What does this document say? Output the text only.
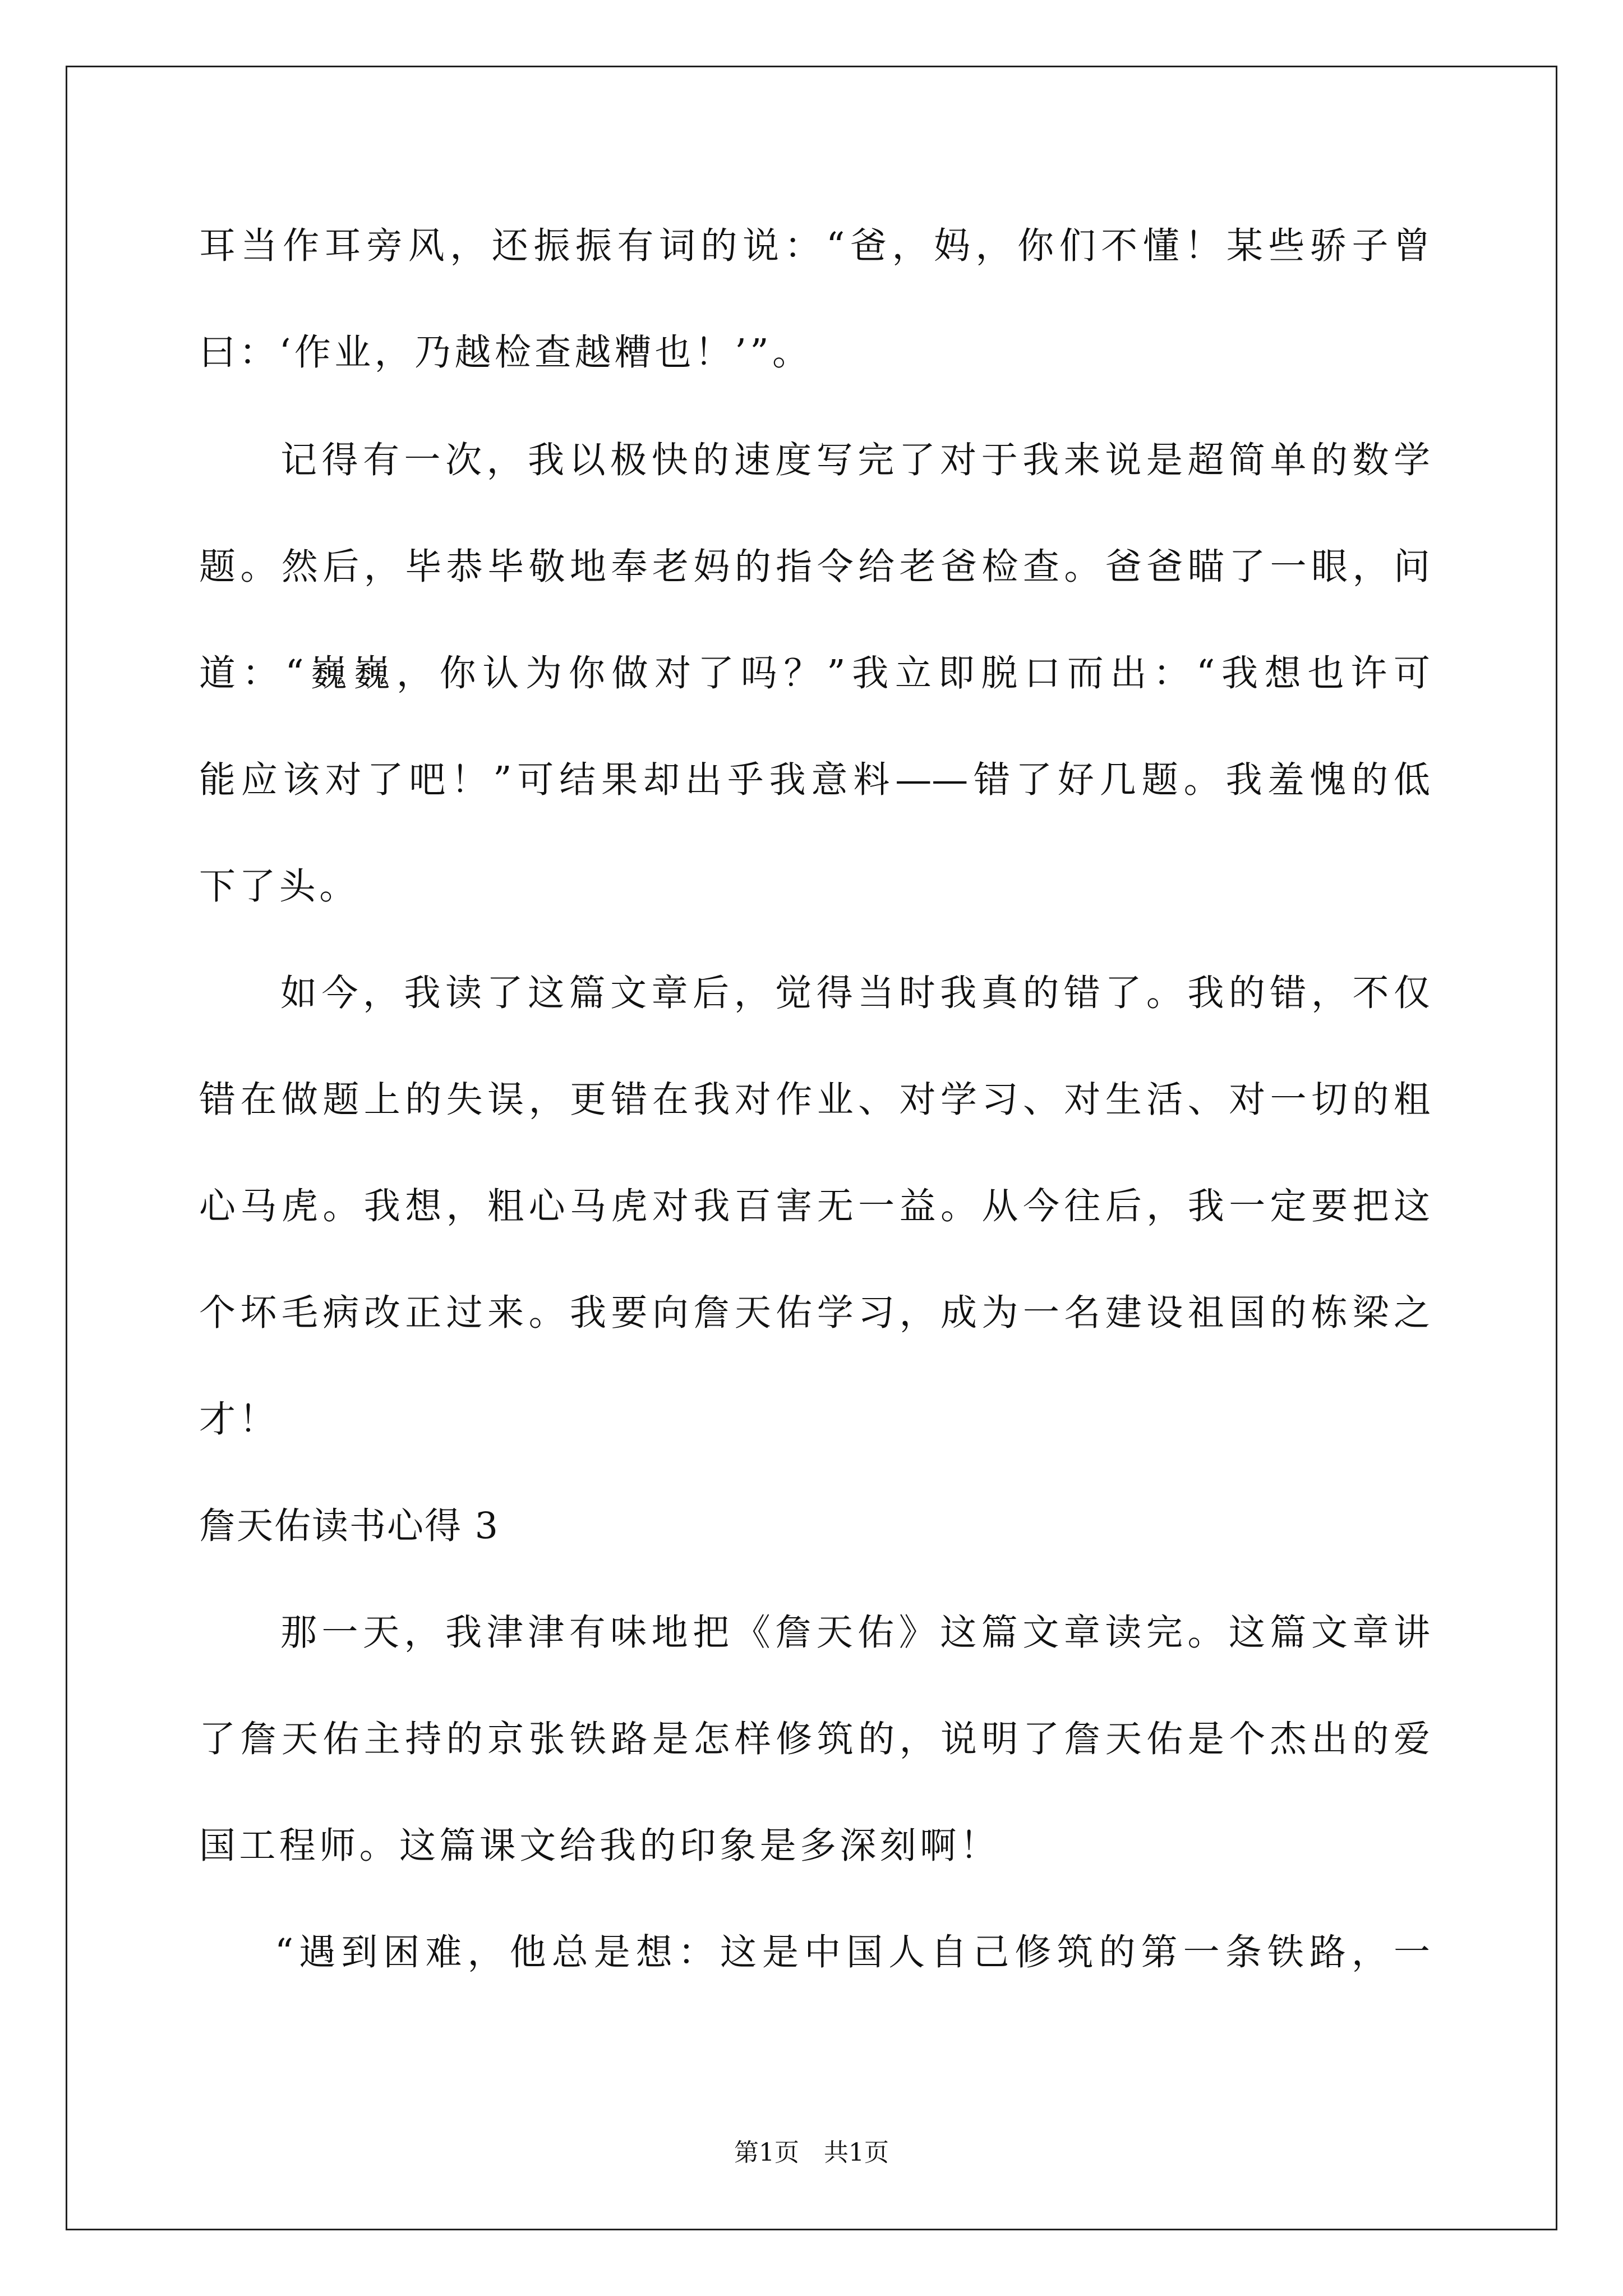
耳当作耳旁风，还振振有词的说：“爸，妈，你们不懂！某些骄子曾
曰：‘作业，乃越检查越糟也！’”。
记得有一次，我以极快的速度写完了对于我来说是超简单的数学
题。然后，毕恭毕敬地奉老妈的指令给老爸检查。爸爸瞄了一眼，问
道：“巍巍，你认为你做对了吗？”我立即脱口而出：“我想也许可
能应该对了吧！”可结果却出乎我意料——错了好几题。我羞愧的低
下了头。
如今，我读了这篇文章后，觉得当时我真的错了。我的错，不仅
错在做题上的失误，更错在我对作业、对学习、对生活、对一切的粗
心马虎。我想，粗心马虎对我百害无一益。从今往后，我一定要把这
个坏毛病改正过来。我要向詹天佑学习，成为一名建设祖国的栋梁之
才！
詹天佑读书心得 3
那一天，我津津有味地把《詹天佑》这篇文章读完。这篇文章讲
了詹天佑主持的京张铁路是怎样修筑的，说明了詹天佑是个杰出的爱
国工程师。这篇课文给我的印象是多深刻啊！
“遇到困难，他总是想：这是中国人自己修筑的第一条铁路，一
第1页　共1页
